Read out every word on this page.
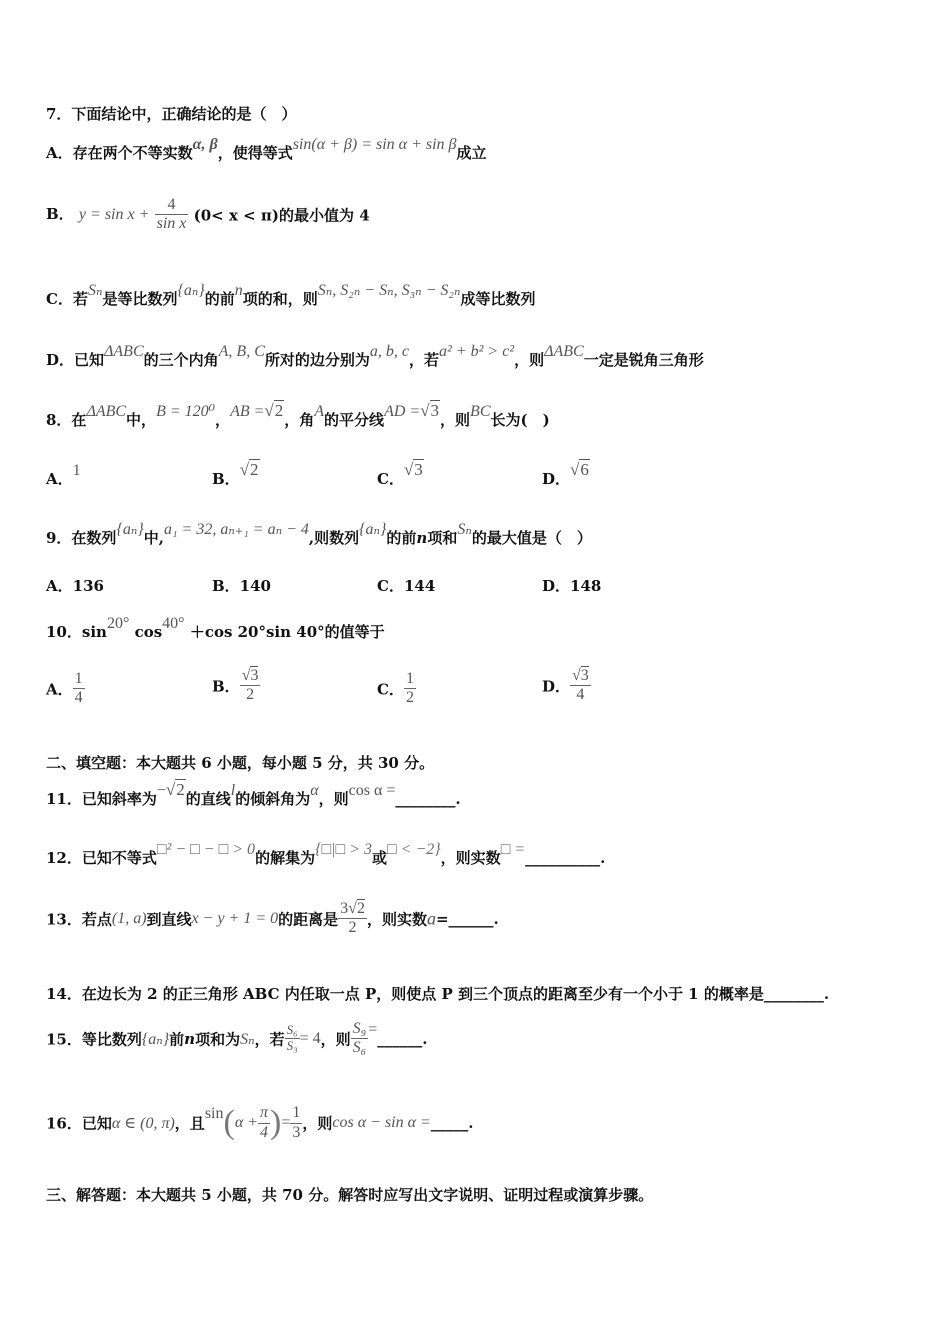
7．下面结论中，正确结论的是（　）
A．存在两个不等实数α, β，使得等式sin(α + β) = sin α + sin β成立
B． $y = \sin x + \frac{4}{\text{sin x}} (0< x < \pi)$的最小值为 4
C．若Sₙ是等比数列{aₙ}的前n项的和，则Sₙ, S₂ₙ − Sₙ, S₃ₙ − S₂ₙ成等比数列
D．已知ΔABC的三个内角A, B, C所对的边分别为a, b, c，若a² + b² > c²，则ΔABC一定是锐角三角形
8．在ΔABC中，B = 120⁰，AB =√2，角A的平分线AD =√3，则BC长为(　)
A．1	B．√2	C．√3	D．√6
9．在数列{aₙ}中,a₁ = 32, aₙ₊₁ = aₙ − 4,则数列{aₙ}的前n项和Sₙ的最大值是（　）
A．136	B．140	C．144	D．148
10．sin20° cos40° ＋cos 20°sin 40°的值等于
A． $\frac{1}{4}$	B． $\frac{√3}{2}$	C． $\frac{1}{2}$	D． $\frac{√3}{4}$
二、填空题：本大题共 6 小题，每小题 5 分，共 30 分。
11．已知斜率为−√2的直线l的倾斜角为α，则cos α =________.
12．已知不等式□² − □ − □ > 0的解集为{□|□ > 3或□ < −2}，则实数□ =__________.
13．若点(1, a)到直线x − y + 1 = 0的距离是 $\frac{3√2}{2}$ ，则实数a=______.
14．在边长为 2 的正三角形 ABC 内任取一点 P，则使点 P 到三个顶点的距离至少有一个小于 1 的概率是________.
15．等比数列{aₙ}前n项和为Sₙ，若 $\frac{\text{S₆}}{\text{S₃}} = 4$，则 $\frac{\text{S₉}}{\text{S₆}}$ =______.
16．已知α ∈ (0, π)，且$\sin(\alpha + \frac{\pi}{4}$ )= $\frac{1}{3}$ ，则cos α − sin α =_____.
三、解答题：本大题共 5 小题，共 70 分。解答时应写出文字说明、证明过程或演算步骤。
